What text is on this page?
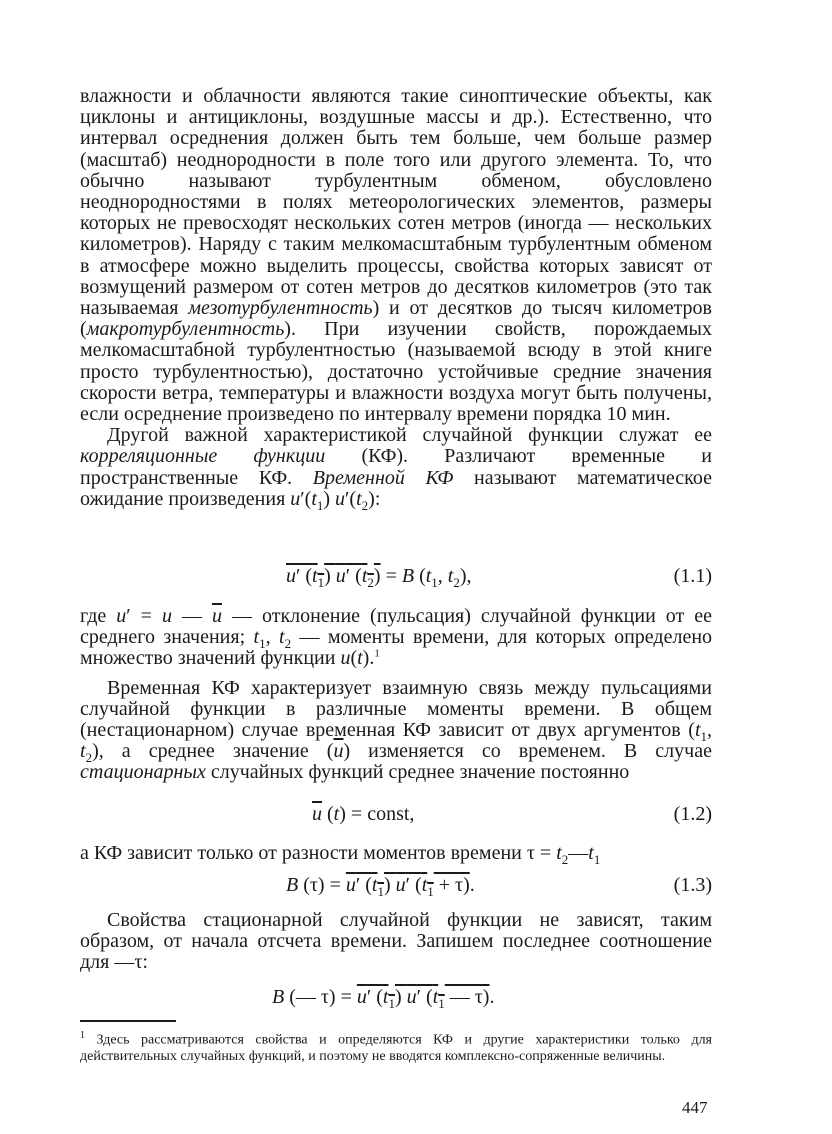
влажности и облачности являются такие синоптические объекты, как циклоны и антициклоны, воздушные массы и др.). Естественно, что интервал осреднения должен быть тем больше, чем больше размер (масштаб) неоднородности в поле того или другого элемента. То, что обычно называют турбулентным обменом, обусловлено неоднородностями в полях метеорологических элементов, размеры которых не превосходят нескольких сотен метров (иногда — нескольких километров). Наряду с таким мелкомасштабным турбулентным обменом в атмосфере можно выделить процессы, свойства которых зависят от возмущений размером от сотен метров до десятков километров (это так называемая мезотурбулентность) и от десятков до тысяч километров (макротурбулентность). При изучении свойств, порождаемых мелкомасштабной турбулентностью (называемой всюду в этой книге просто турбулентностью), достаточно устойчивые средние значения скорости ветра, температуры и влажности воздуха могут быть получены, если осреднение произведено по интервалу времени порядка 10 мин.

Другой важной характеристикой случайной функции служат ее корреляционные функции (КФ). Различают временные и пространственные КФ. Временной КФ называют математическое ожидание произведения $u'(t_1)$ $u'(t_2)$:

u′ $(t_1)$ u′ $(t_2) = B$ ($t_1$, $t_2$),	(1.1)

где u′ = u — $\overline{u}$ — отклонение (пульсация) случайной функции от ее среднего значения; $t_1$, $t_2$ — моменты времени, для которых определено множество значений функции u(t).$^1$

Временная КФ характеризует взаимную связь между пульсациями случайной функции в различные моменты времени. В общем (нестационарном) случае временная КФ зависит от двух аргументов ($t_1$, $t_2$), а среднее значение $(\overline{u})$ изменяется со временем. В случае стационарных случайных функций среднее значение постоянно

$\overline{u}$ (t) = const,	(1.2)

а КФ зависит только от разности моментов времени $\tau = t_2—t_1$

B (τ) = u′ $(t_1)$ u′ $(t_1 + \tau)$.	(1.3)

Свойства стационарной случайной функции не зависят, таким образом, от начала отсчета времени. Запишем последнее соотношение для —τ:

B (— τ) = u′ $(t_1)$ u′ ($t_1$ — τ).
$^1$ Здесь рассматриваются свойства и определяются КФ и другие характеристики только для действительных случайных функций, и поэтому не вводятся комплексно-сопряженные величины.
447
